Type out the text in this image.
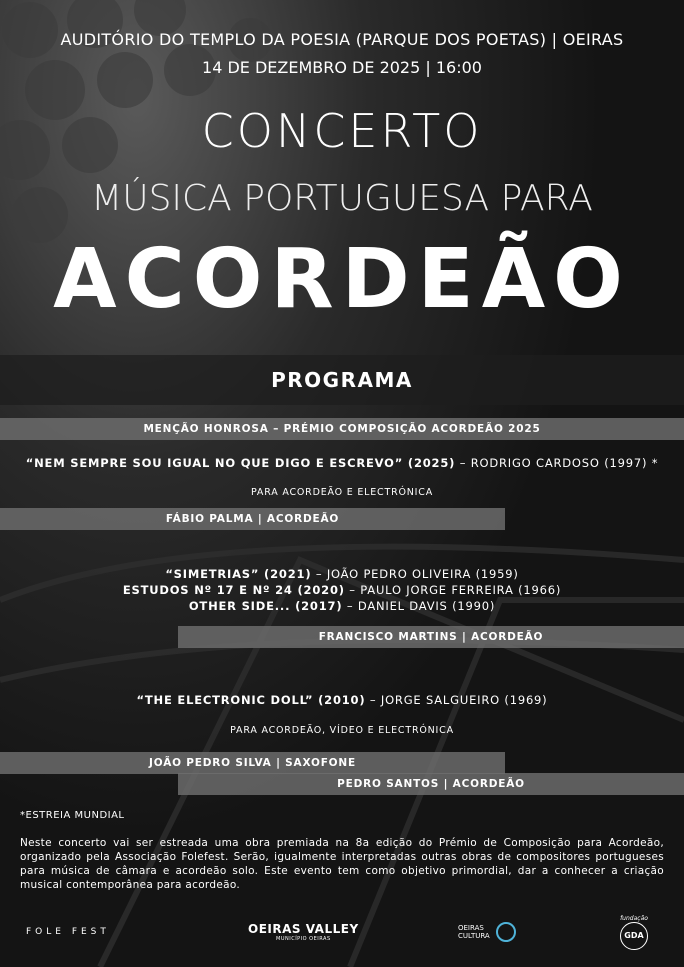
AUDITÓRIO DO TEMPLO DA POESIA (PARQUE DOS POETAS) | OEIRAS
14 DE DEZEMBRO DE 2025 | 16:00
CONCERTO
MÚSICA PORTUGUESA PARA
ACORDEÃO
PROGRAMA
MENÇÃO HONROSA – PRÉMIO COMPOSIÇÃO ACORDEÃO 2025
“NEM SEMPRE SOU IGUAL NO QUE DIGO E ESCREVO” (2025) – RODRIGO CARDOSO (1997) *
PARA ACORDEÃO E ELECTRÓNICA
FÁBIO PALMA | ACORDEÃO
“SIMETRIAS” (2021) – JOÃO PEDRO OLIVEIRA (1959)
ESTUDOS Nº 17 E Nº 24 (2020) – PAULO JORGE FERREIRA (1966)
OTHER SIDE... (2017) – DANIEL DAVIS (1990)
FRANCISCO MARTINS | ACORDEÃO
“THE ELECTRONIC DOLL” (2010) – JORGE SALGUEIRO (1969)
PARA ACORDEÃO, VÍDEO E ELECTRÓNICA
JOÃO PEDRO SILVA | SAXOFONE
PEDRO SANTOS | ACORDEÃO
*ESTREIA MUNDIAL
Neste concerto vai ser estreada uma obra premiada na 8a edição do Prémio de Composição para Acordeão, organizado pela Associação Folefest. Serão, igualmente interpretadas outras obras de compositores portugueses para música de câmara e acordeão solo. Este evento tem como objetivo primordial, dar a conhecer a criação musical contemporânea para acordeão.
FOLE FEST	OEIRAS VALLEY
MUNICÍPIO OEIRAS
OEIRAS CULTURA
fundação
GDA
